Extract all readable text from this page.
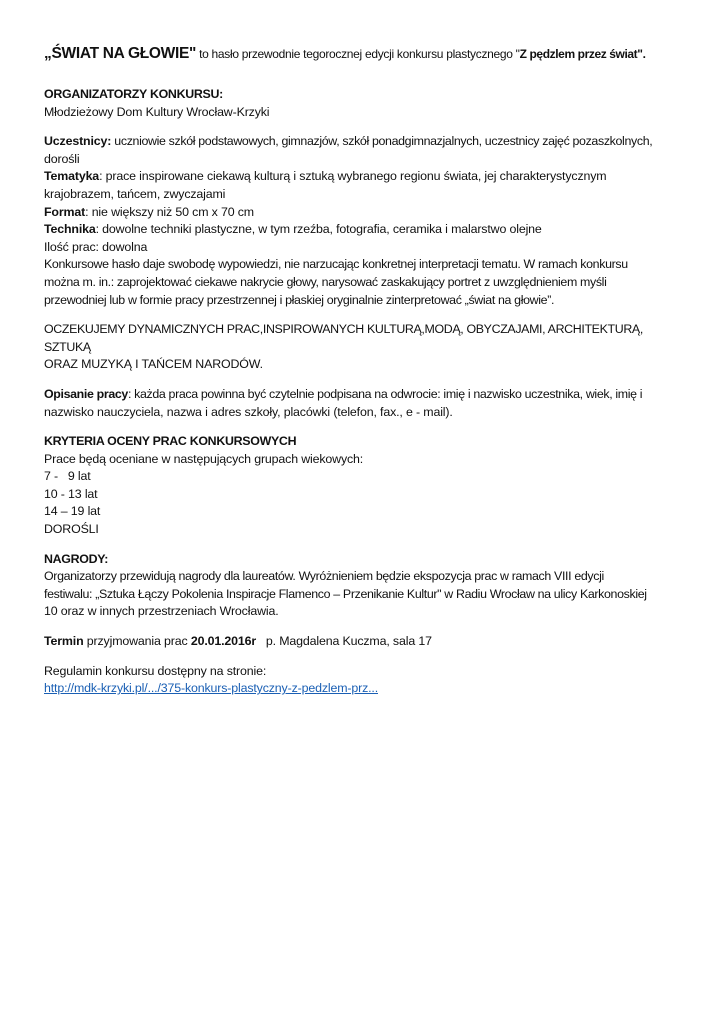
„ŚWIAT NA GŁOWIE" to hasło przewodnie tegorocznej edycji konkursu plastycznego "Z pędzlem przez świat".

ORGANIZATORZY KONKURSU:

Młodzieżowy Dom Kultury Wrocław-Krzyki

Uczestnicy: uczniowie szkół podstawowych, gimnazjów, szkół ponadgimnazjalnych, uczestnicy zajęć pozaszkolnych,

dorośli

Tematyka: prace inspirowane ciekawą kulturą i sztuką wybranego regionu świata, jej charakterystycznym

krajobrazem, tańcem, zwyczajami

Format: nie większy niż 50 cm x 70 cm

Technika: dowolne techniki plastyczne, w tym rzeźba, fotografia, ceramika i malarstwo olejne

Ilość prac: dowolna

Konkursowe hasło daje swobodę wypowiedzi, nie narzucając konkretnej interpretacji tematu. W ramach konkursu

można m. in.: zaprojektować ciekawe nakrycie głowy, narysować zaskakujący portret z uwzględnieniem myśli

przewodniej lub w formie pracy przestrzennej i płaskiej oryginalnie zinterpretować „świat na głowie”.

OCZEKUJEMY DYNAMICZNYCH PRAC,INSPIROWANYCH KULTURĄ,MODĄ, OBYCZAJAMI, ARCHITEKTURĄ, SZTUKĄ

ORAZ MUZYKĄ I TAŃCEM NARODÓW.

Opisanie pracy: każda praca powinna być czytelnie podpisana na odwrocie: imię i nazwisko uczestnika, wiek, imię i

nazwisko nauczyciela, nazwa i adres szkoły, placówki (telefon, fax., e - mail).

KRYTERIA OCENY PRAC KONKURSOWYCH

Prace będą oceniane w następujących grupach wiekowych:

7 -   9 lat

10 - 13 lat

14 – 19 lat

DOROŚLI

NAGRODY:

Organizatorzy przewidują nagrody dla laureatów. Wyróżnieniem będzie ekspozycja prac w ramach VIII edycji

festiwalu: „Sztuka Łączy Pokolenia Inspiracje Flamenco – Przenikanie Kultur" w Radiu Wrocław na ulicy Karkonoskiej

10 oraz w innych przestrzeniach Wrocławia.

Termin przyjmowania prac 20.01.2016r   p. Magdalena Kuczma, sala 17

Regulamin konkursu dostępny na stronie:

http://mdk-krzyki.pl/.../375-konkurs-plastyczny-z-pedzlem-prz...
